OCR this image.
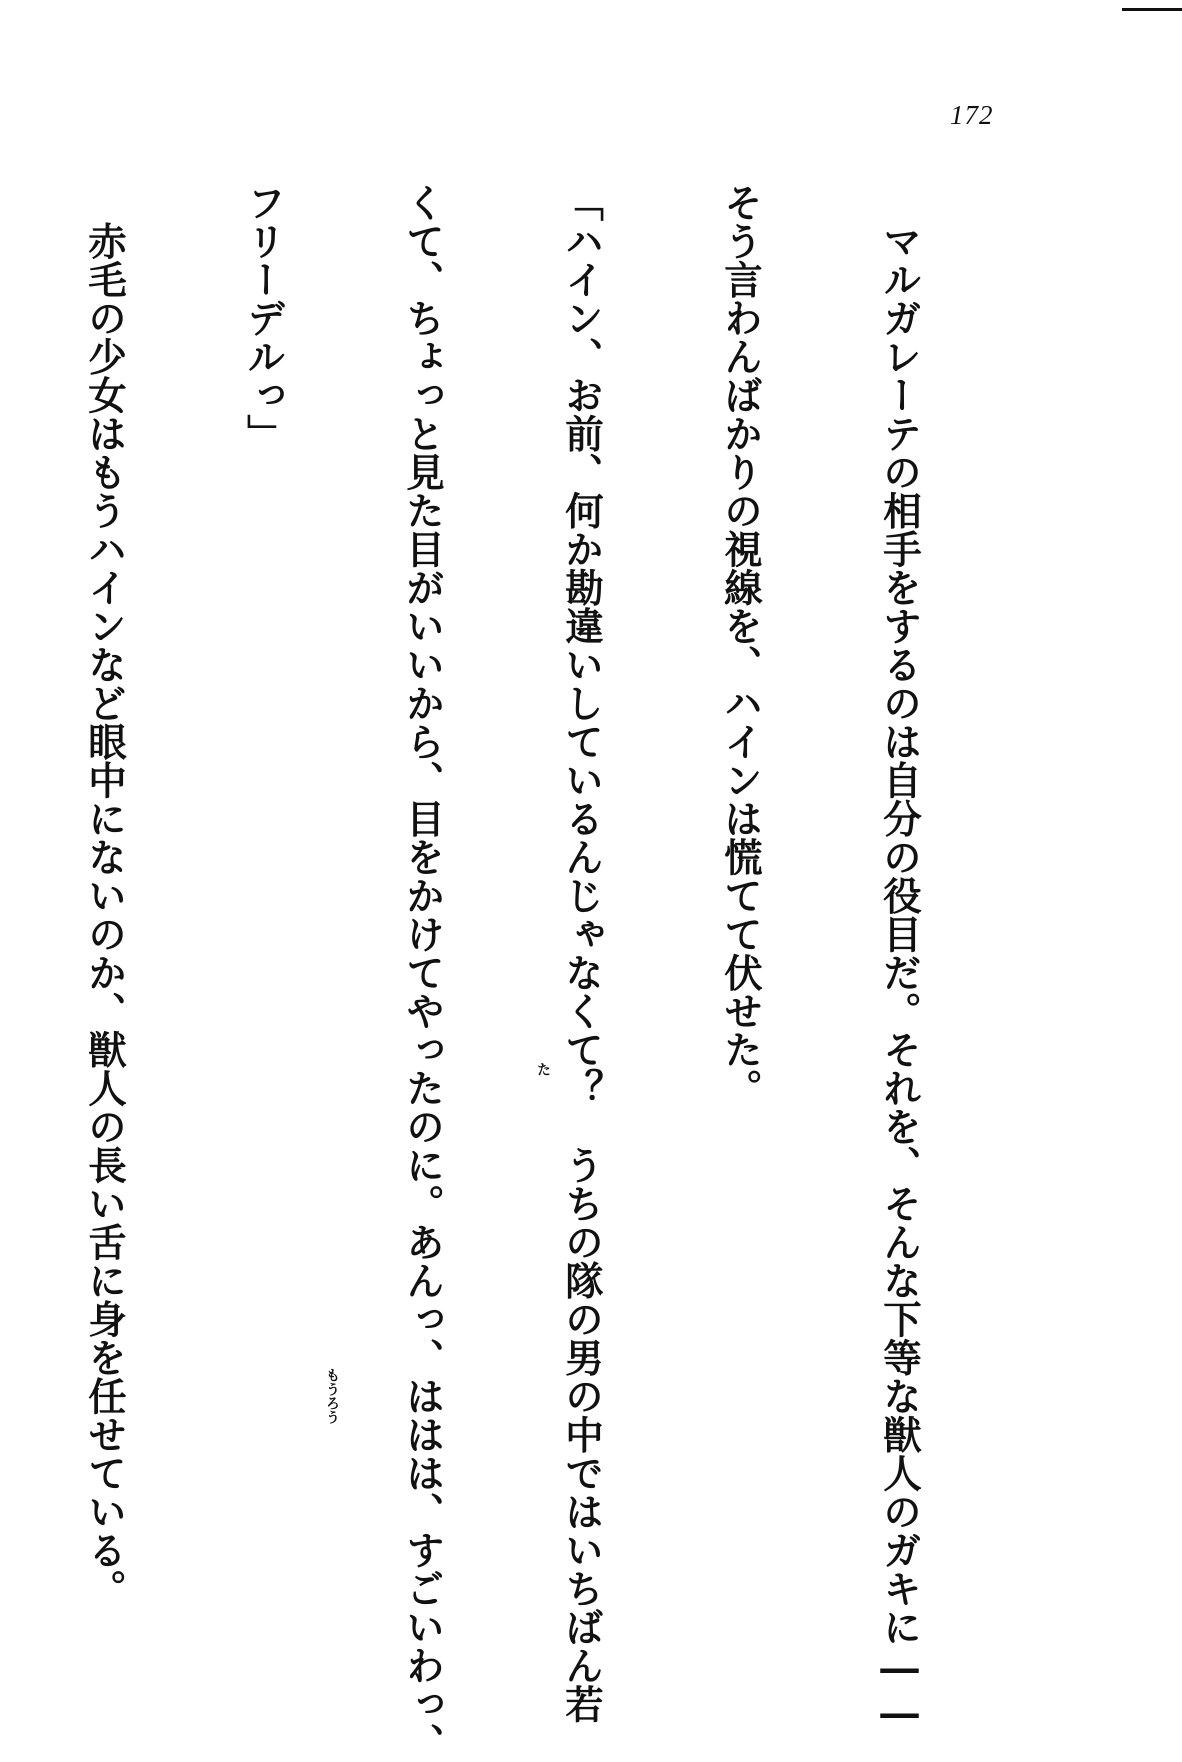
172

　マルガレーテの相手をするのは自分の役目だ。それを、そんな下等な獣人のガキに――

そう言わんばかりの視線を、ハインは慌てて伏せた。

「ハイン、お前、何か勘違いしているんじゃなくて？　うちの隊の男の中ではいちばん若

くて、ちょっと見た目がいいから、目をかけてやったのに。あんっ、ははは、すごいわっ、

フリーデルっ」

　赤毛の少女はもうハインなど眼中にないのか、獣人の長い舌に身を任せている。

	た
もうろう
